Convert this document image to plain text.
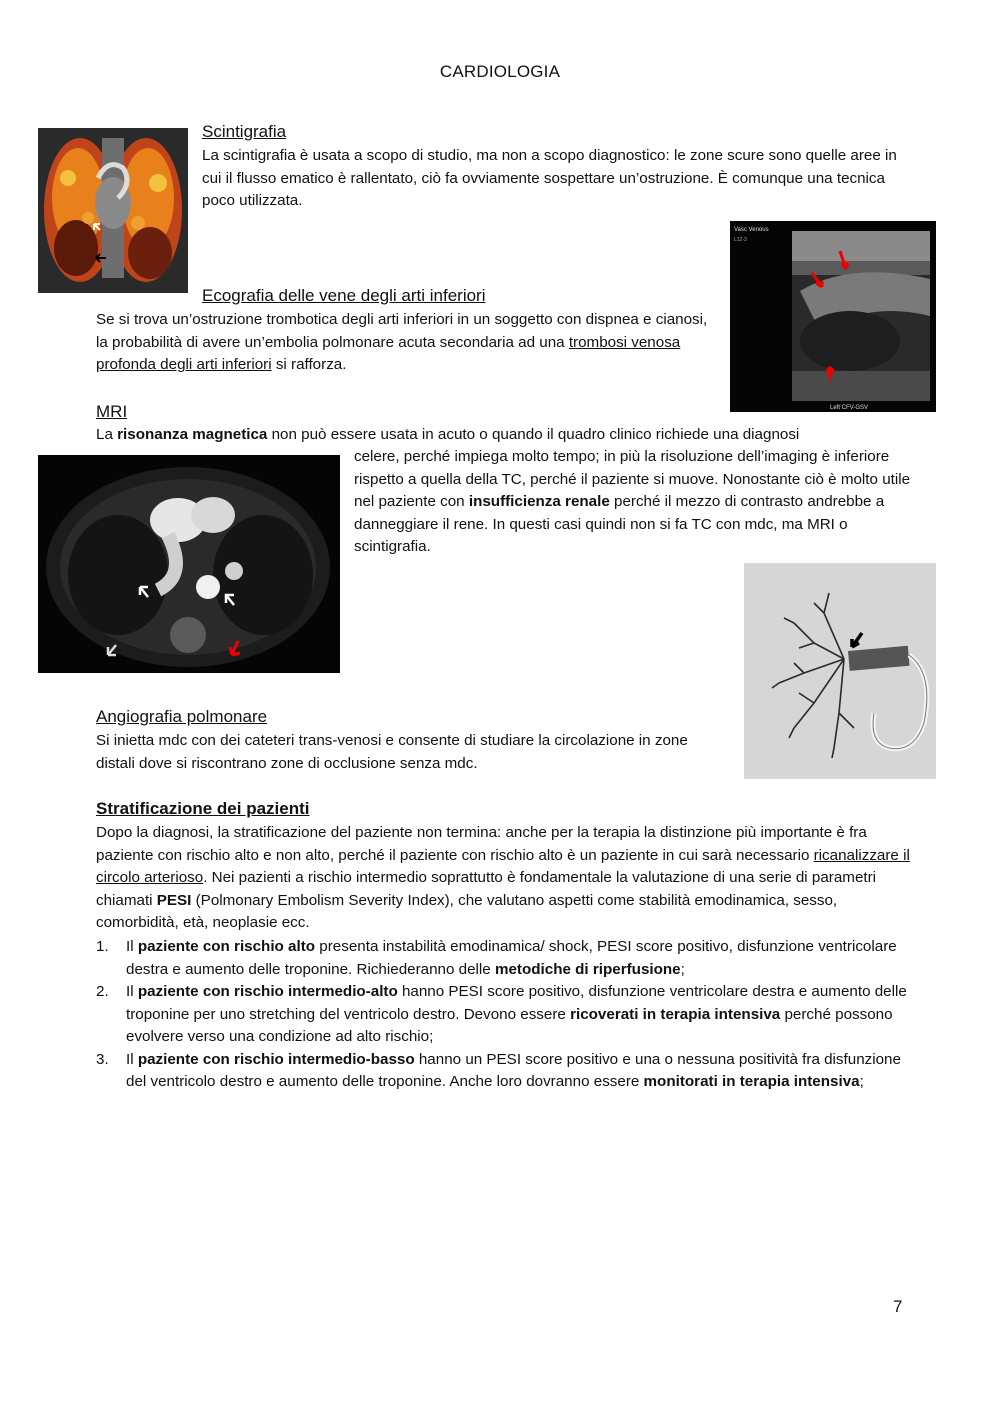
CARDIOLOGIA
Scintigrafia
La scintigrafia è usata a scopo di studio, ma non a scopo diagnostico: le zone scure sono quelle aree in cui il flusso ematico è rallentato, ciò fa ovviamente sospettare un’ostruzione. È comunque una tecnica poco utilizzata.
Vasc Venous
Left CFV-GSV
L12-3
Ecografia delle vene degli arti inferiori
Se si trova un’ostruzione trombotica degli arti inferiori in un soggetto con dispnea e cianosi, la probabilità di avere un’embolia polmonare acuta secondaria ad una trombosi venosa profonda degli arti inferiori si rafforza.
MRI
La risonanza magnetica non può essere usata in acuto o quando il quadro clinico richiede una diagnosi
celere, perché impiega molto tempo; in più la risoluzione dell’imaging è inferiore rispetto a quella della TC, perché il paziente si muove. Nonostante ciò è molto utile nel paziente con insufficienza renale perché il mezzo di contrasto andrebbe a danneggiare il rene. In questi casi quindi non si fa TC con mdc, ma MRI o scintigrafia.
Angiografia polmonare
Si inietta mdc con dei cateteri trans-venosi e consente di studiare la circolazione in zone distali dove si riscontrano zone di occlusione senza mdc.
Stratificazione dei pazienti
Dopo la diagnosi, la stratificazione del paziente non termina: anche per la terapia la distinzione più importante è fra paziente con rischio alto e non alto, perché il paziente con rischio alto è un paziente in cui sarà necessario ricanalizzare il circolo arterioso. Nei pazienti a rischio intermedio soprattutto è fondamentale la valutazione di una serie di parametri chiamati PESI (Polmonary Embolism Severity Index), che valutano aspetti come stabilità emodinamica, sesso, comorbidità, età, neoplasie ecc.
1. Il paziente con rischio alto presenta instabilità emodinamica/ shock, PESI score positivo, disfunzione ventricolare destra e aumento delle troponine. Richiederanno delle metodiche di riperfusione;
2. Il paziente con rischio intermedio-alto hanno PESI score positivo, disfunzione ventricolare destra e aumento delle troponine per uno stretching del ventricolo destro. Devono essere ricoverati in terapia intensiva perché possono evolvere verso una condizione ad alto rischio;
3. Il paziente con rischio intermedio-basso hanno un PESI score positivo e una o nessuna positività fra disfunzione del ventricolo destro e aumento delle troponine. Anche loro dovranno essere monitorati in terapia intensiva;
7
